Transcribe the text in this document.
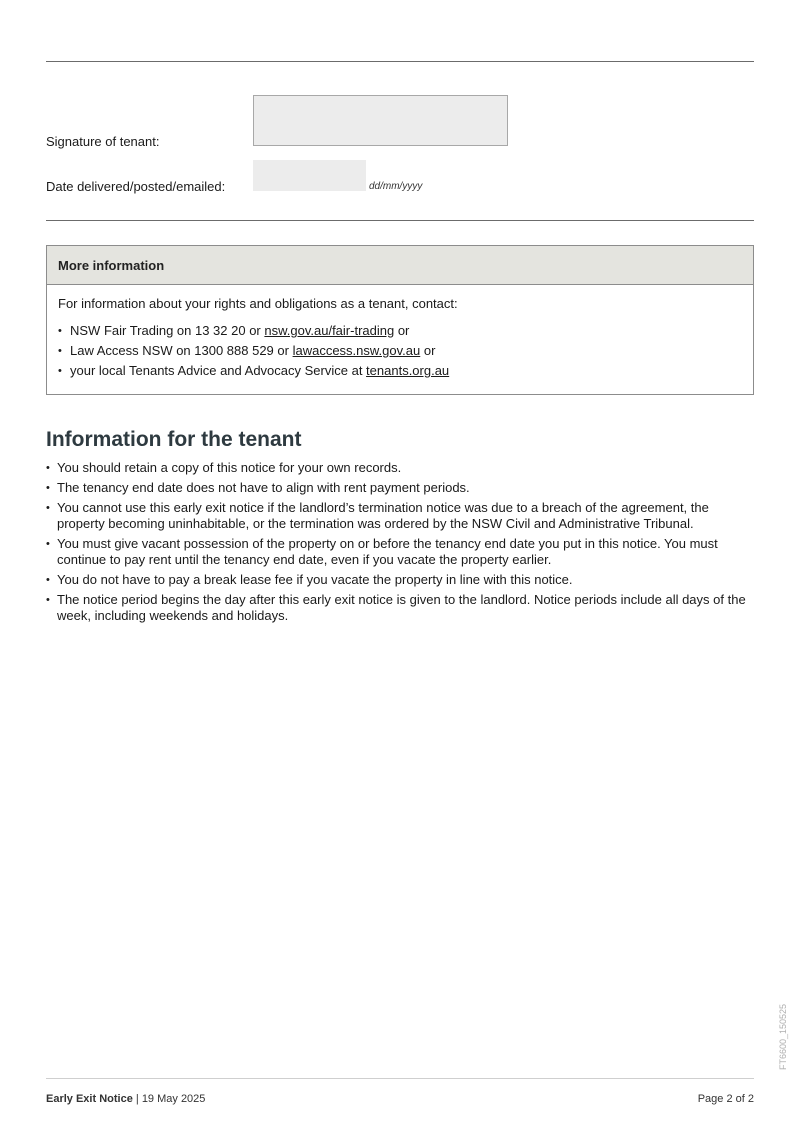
Signature of tenant:
Date delivered/posted/emailed:	dd/mm/yyyy
More information

For information about your rights and obligations as a tenant, contact:

• NSW Fair Trading on 13 32 20 or nsw.gov.au/fair-trading or
• Law Access NSW on 1300 888 529 or lawaccess.nsw.gov.au or
• your local Tenants Advice and Advocacy Service at tenants.org.au
Information for the tenant
• You should retain a copy of this notice for your own records.
• The tenancy end date does not have to align with rent payment periods.
• You cannot use this early exit notice if the landlord’s termination notice was due to a breach of the agreement, the property becoming uninhabitable, or the termination was ordered by the NSW Civil and Administrative Tribunal.
• You must give vacant possession of the property on or before the tenancy end date you put in this notice. You must continue to pay rent until the tenancy end date, even if you vacate the property earlier.
• You do not have to pay a break lease fee if you vacate the property in line with this notice.
• The notice period begins the day after this early exit notice is given to the landlord. Notice periods include all days of the week, including weekends and holidays.
FT6600_150525
Early Exit Notice | 19 May 2025	Page 2 of 2
